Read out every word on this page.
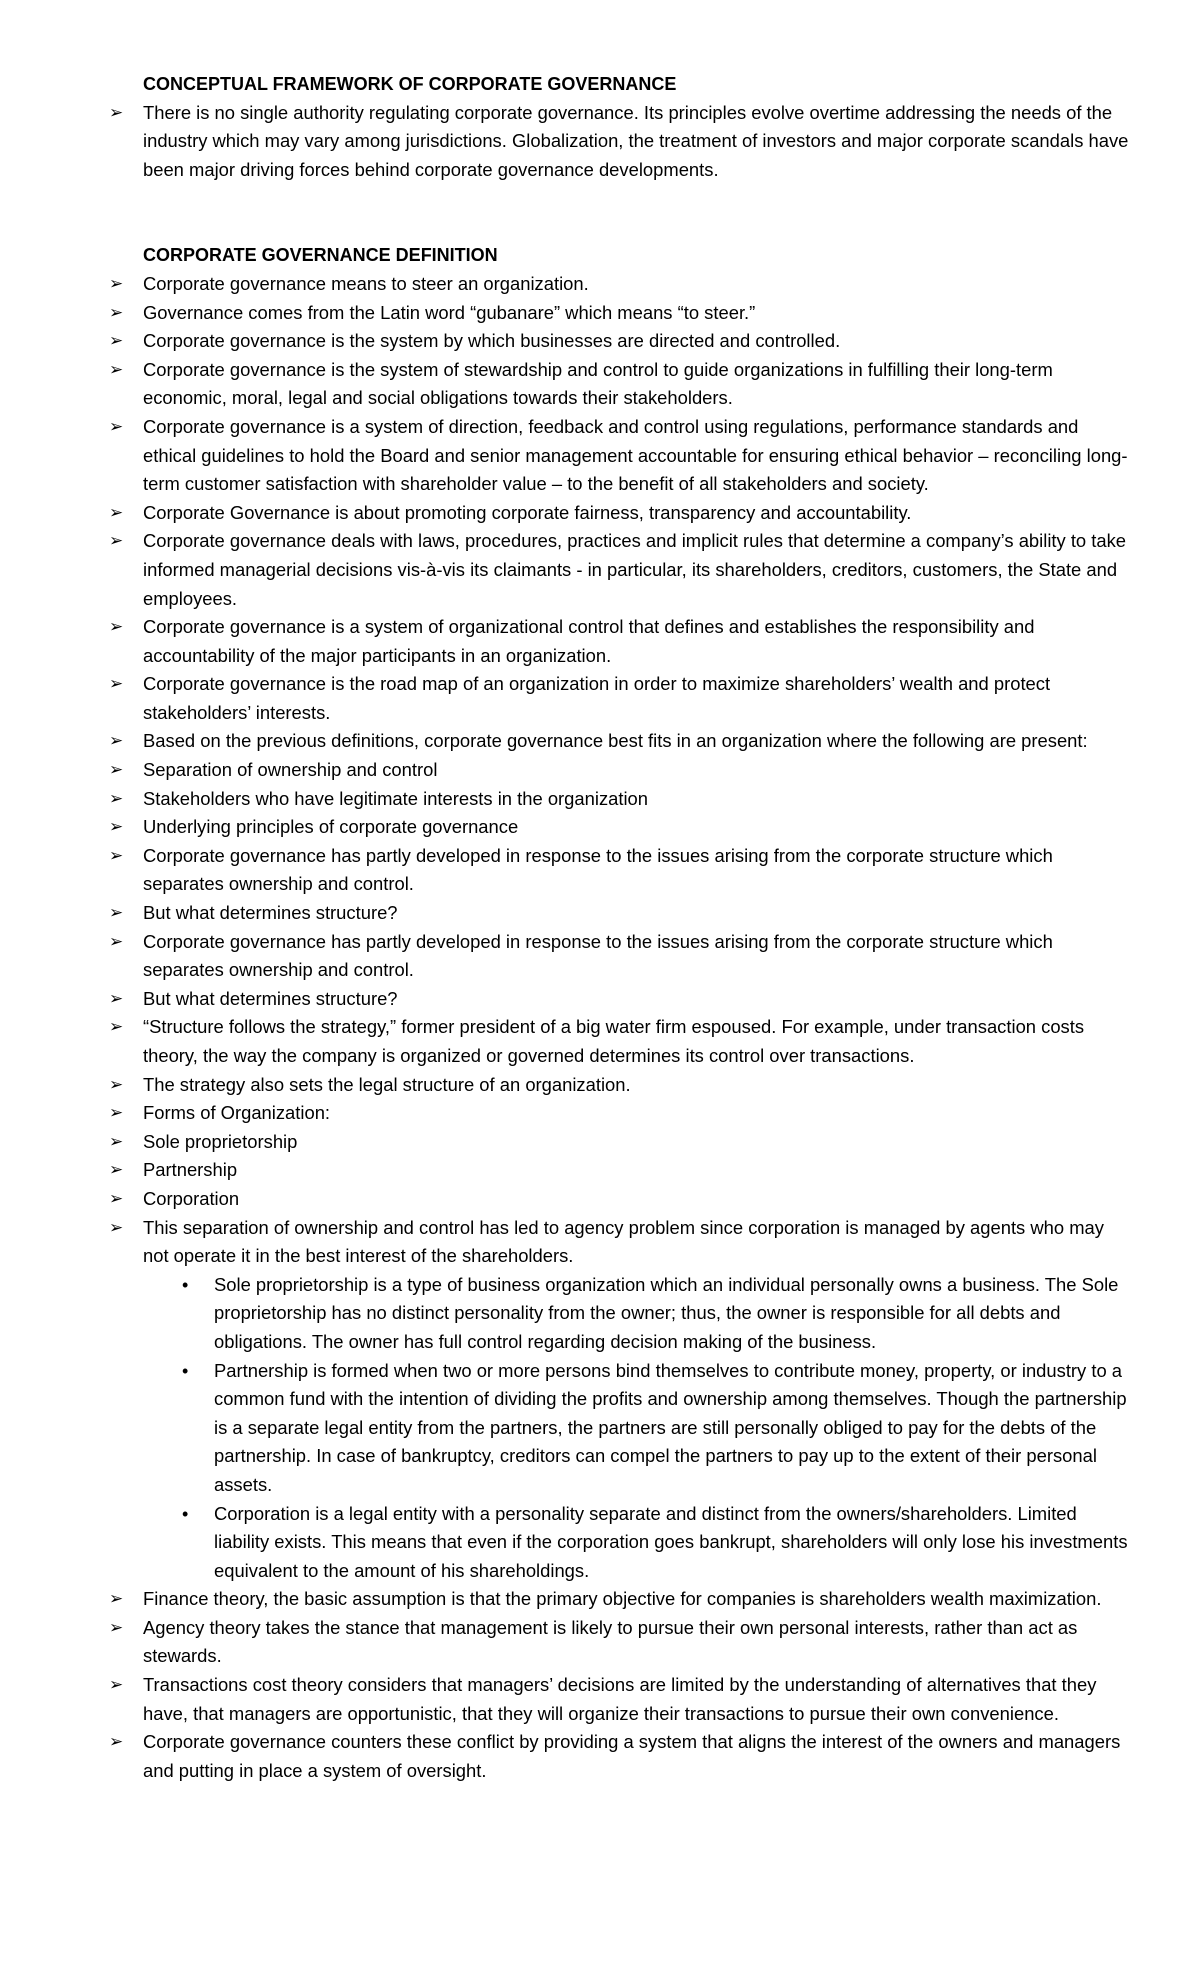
CONCEPTUAL FRAMEWORK OF CORPORATE GOVERNANCE

➢ There is no single authority regulating corporate governance. Its principles evolve overtime addressing the needs of the industry which may vary among jurisdictions. Globalization, the treatment of investors and major corporate scandals have been major driving forces behind corporate governance developments.

CORPORATE GOVERNANCE DEFINITION

➢ Corporate governance means to steer an organization.
➢ Governance comes from the Latin word “gubanare” which means “to steer.”
➢ Corporate governance is the system by which businesses are directed and controlled.
➢ Corporate governance is the system of stewardship and control to guide organizations in fulfilling their long-term economic, moral, legal and social obligations towards their stakeholders.
➢ Corporate governance is a system of direction, feedback and control using regulations, performance standards and ethical guidelines to hold the Board and senior management accountable for ensuring ethical behavior – reconciling long-term customer satisfaction with shareholder value – to the benefit of all stakeholders and society.
➢ Corporate Governance is about promoting corporate fairness, transparency and accountability.
➢ Corporate governance deals with laws, procedures, practices and implicit rules that determine a company’s ability to take informed managerial decisions vis-à-vis its claimants - in particular, its shareholders, creditors, customers, the State and employees.
➢ Corporate governance is a system of organizational control that defines and establishes the responsibility and accountability of the major participants in an organization.
➢ Corporate governance is the road map of an organization in order to maximize shareholders’ wealth and protect stakeholders’ interests.
➢ Based on the previous definitions, corporate governance best fits in an organization where the following are present:
➢ Separation of ownership and control
➢ Stakeholders who have legitimate interests in the organization
➢ Underlying principles of corporate governance
➢ Corporate governance has partly developed in response to the issues arising from the corporate structure which separates ownership and control.
➢ But what determines structure?
➢ Corporate governance has partly developed in response to the issues arising from the corporate structure which separates ownership and control.
➢ But what determines structure?
➢ “Structure follows the strategy,” former president of a big water firm espoused. For example, under transaction costs theory, the way the company is organized or governed determines its control over transactions.
➢ The strategy also sets the legal structure of an organization.
➢ Forms of Organization:
➢ Sole proprietorship
➢ Partnership
➢ Corporation
➢ This separation of ownership and control has led to agency problem since corporation is managed by agents who may not operate it in the best interest of the shareholders.
• Sole proprietorship is a type of business organization which an individual personally owns a business. The Sole proprietorship has no distinct personality from the owner; thus, the owner is responsible for all debts and obligations. The owner has full control regarding decision making of the business.
• Partnership is formed when two or more persons bind themselves to contribute money, property, or industry to a common fund with the intention of dividing the profits and ownership among themselves. Though the partnership is a separate legal entity from the partners, the partners are still personally obliged to pay for the debts of the partnership. In case of bankruptcy, creditors can compel the partners to pay up to the extent of their personal assets.
• Corporation is a legal entity with a personality separate and distinct from the owners/shareholders. Limited liability exists. This means that even if the corporation goes bankrupt, shareholders will only lose his investments equivalent to the amount of his shareholdings.
➢ Finance theory, the basic assumption is that the primary objective for companies is shareholders wealth maximization.
➢ Agency theory takes the stance that management is likely to pursue their own personal interests, rather than act as stewards.
➢ Transactions cost theory considers that managers’ decisions are limited by the understanding of alternatives that they have, that managers are opportunistic, that they will organize their transactions to pursue their own convenience.
➢ Corporate governance counters these conflict by providing a system that aligns the interest of the owners and managers and putting in place a system of oversight.
